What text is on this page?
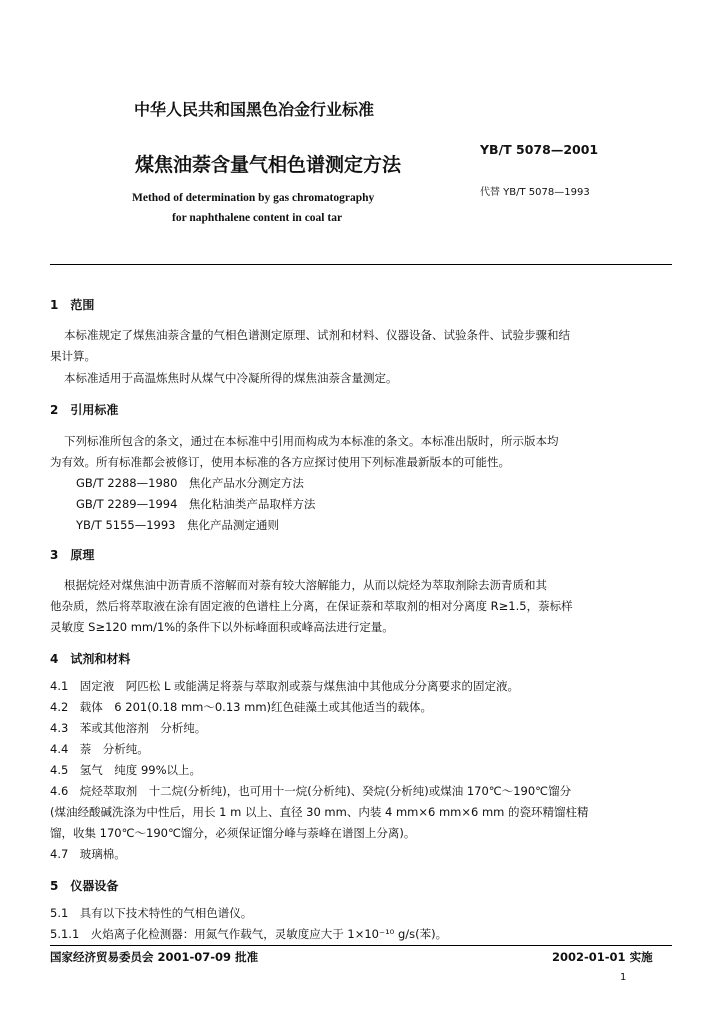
中华人民共和国黑色冶金行业标准
YB/T 5078—2001
煤焦油萘含量气相色谱测定方法
代替 YB/T 5078—1993
Method of determination by gas chromatography
for naphthalene content in coal tar
1　范围
本标准规定了煤焦油萘含量的气相色谱测定原理、试剂和材料、仪器设备、试验条件、试验步骤和结
果计算。
本标准适用于高温炼焦时从煤气中冷凝所得的煤焦油萘含量测定。
2　引用标准
下列标准所包含的条文，通过在本标准中引用而构成为本标准的条文。本标准出版时，所示版本均
为有效。所有标准都会被修订，使用本标准的各方应探讨使用下列标准最新版本的可能性。
GB/T 2288—1980　焦化产品水分测定方法
GB/T 2289—1994　焦化粘油类产品取样方法
YB/T 5155—1993　焦化产品测定通则
3　原理
根据烷烃对煤焦油中沥青质不溶解而对萘有较大溶解能力，从而以烷烃为萃取剂除去沥青质和其
他杂质，然后将萃取液在涂有固定液的色谱柱上分离，在保证萘和萃取剂的相对分离度 R≥1.5，萘标样
灵敏度 S≥120 mm/1%的条件下以外标峰面积或峰高法进行定量。
4　试剂和材料
4.1　固定液　阿匹松 L 或能满足将萘与萃取剂或萘与煤焦油中其他成分分离要求的固定液。
4.2　载体　6 201(0.18 mm～0.13 mm)红色硅藻土或其他适当的载体。
4.3　苯或其他溶剂　分析纯。
4.4　萘　分析纯。
4.5　氢气　纯度 99%以上。
4.6　烷烃萃取剂　十二烷(分析纯)，也可用十一烷(分析纯)、癸烷(分析纯)或煤油 170℃～190℃馏分
(煤油经酸碱洗涤为中性后，用长 1 m 以上、直径 30 mm、内装 4 mm×6 mm×6 mm 的瓷环精馏柱精
馏，收集 170℃～190℃馏分，必须保证馏分峰与萘峰在谱图上分离)。
4.7　玻璃棉。
5　仪器设备
5.1　具有以下技术特性的气相色谱仪。
5.1.1　火焰离子化检测器：用氮气作载气，灵敏度应大于 1×10⁻¹⁰ g/s(苯)。
国家经济贸易委员会 2001-07-09 批准	2002-01-01 实施
1
